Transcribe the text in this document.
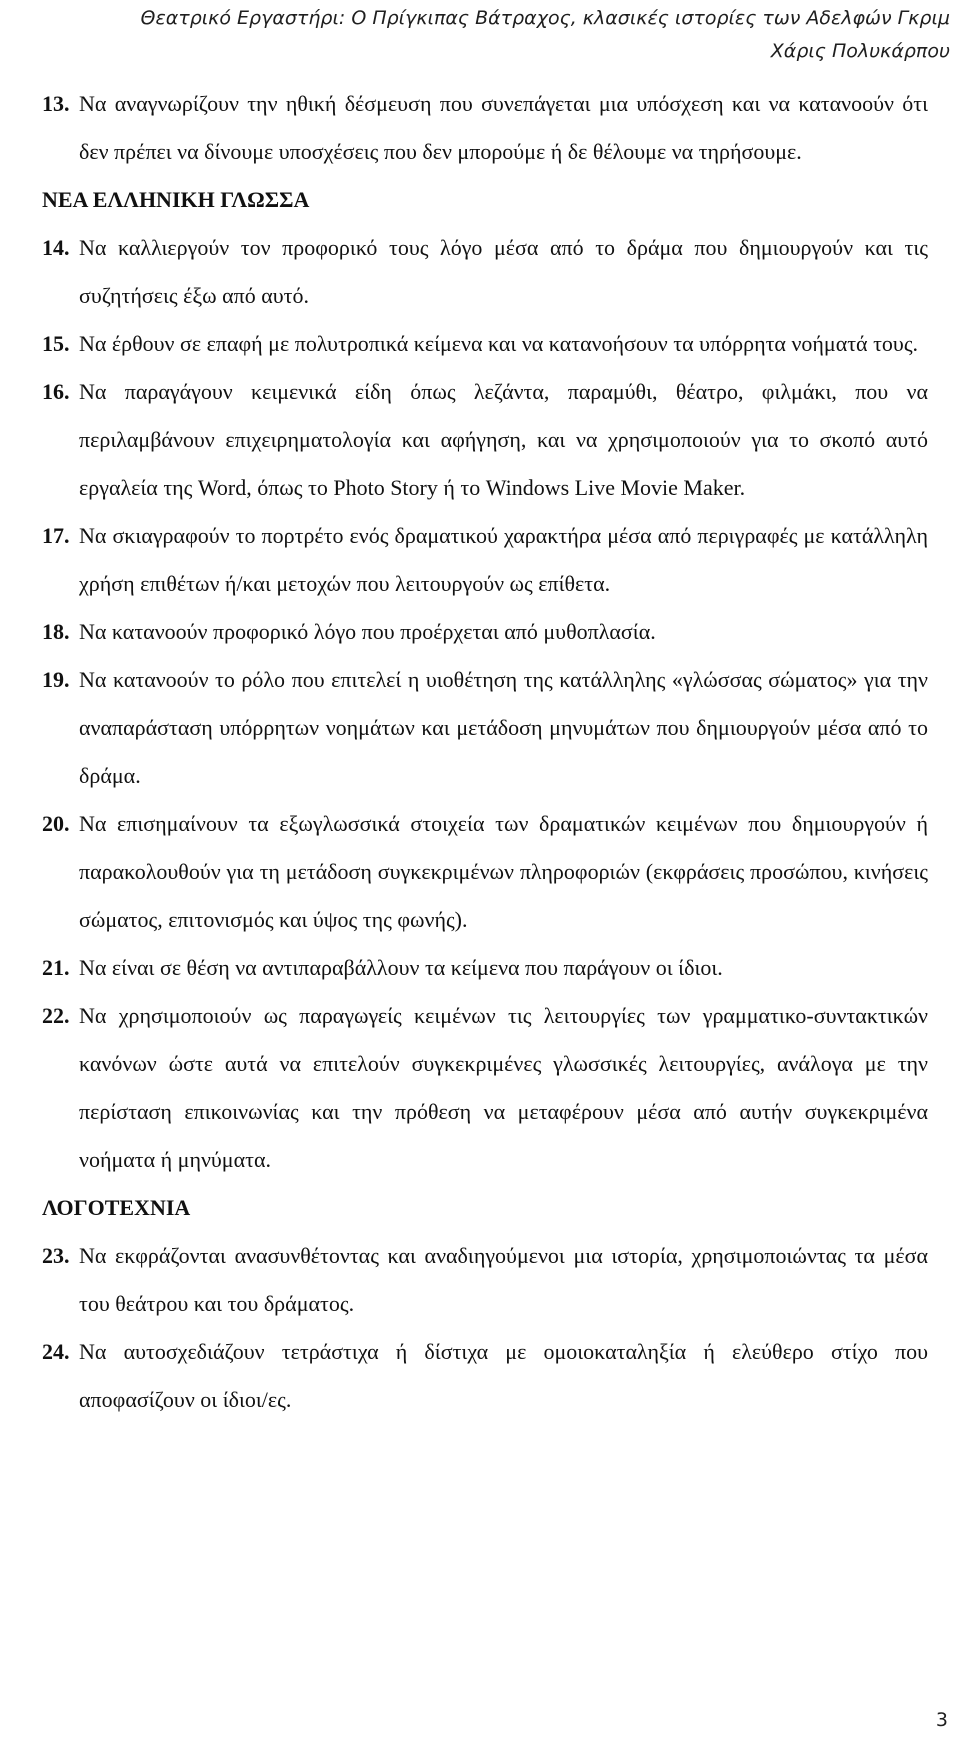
Θεατρικό Εργαστήρι: Ο Πρίγκιπας Βάτραχος, κλασικές ιστορίες των Αδελφών Γκριμ
Χάρις Πολυκάρπου
13. Να αναγνωρίζουν την ηθική δέσμευση που συνεπάγεται μια υπόσχεση και να κατανοούν ότι δεν πρέπει να δίνουμε υποσχέσεις που δεν μπορούμε ή δε θέλουμε να τηρήσουμε.
ΝΕΑ ΕΛΛΗΝΙΚΗ ΓΛΩΣΣΑ
14. Να καλλιεργούν τον προφορικό τους λόγο μέσα από το δράμα που δημιουργούν και τις συζητήσεις έξω από αυτό.
15. Να έρθουν σε επαφή με πολυτροπικά κείμενα και να κατανοήσουν τα υπόρρητα νοήματά τους.
16. Να παραγάγουν κειμενικά είδη όπως λεζάντα, παραμύθι, θέατρο, φιλμάκι, που να περιλαμβάνουν επιχειρηματολογία και αφήγηση, και να χρησιμοποιούν για το σκοπό αυτό εργαλεία της Word, όπως το Photo Story ή το Windows Live Movie Maker.
17. Να σκιαγραφούν το πορτρέτο ενός δραματικού χαρακτήρα μέσα από περιγραφές με κατάλληλη χρήση επιθέτων ή/και μετοχών που λειτουργούν ως επίθετα.
18. Να κατανοούν προφορικό λόγο που προέρχεται από μυθοπλασία.
19. Να κατανοούν το ρόλο που επιτελεί η υιοθέτηση της κατάλληλης «γλώσσας σώματος» για την αναπαράσταση υπόρρητων νοημάτων και μετάδοση μηνυμάτων που δημιουργούν μέσα από το δράμα.
20. Να επισημαίνουν τα εξωγλωσσικά στοιχεία των δραματικών κειμένων που δημιουργούν ή παρακολουθούν για τη μετάδοση συγκεκριμένων πληροφοριών (εκφράσεις προσώπου, κινήσεις σώματος, επιτονισμός και ύψος της φωνής).
21. Να είναι σε θέση να αντιπαραβάλλουν τα κείμενα που παράγουν οι ίδιοι.
22. Να χρησιμοποιούν ως παραγωγείς κειμένων τις λειτουργίες των γραμματικο-συντακτικών κανόνων ώστε αυτά να επιτελούν συγκεκριμένες γλωσσικές λειτουργίες, ανάλογα με την περίσταση επικοινωνίας και την πρόθεση να μεταφέρουν μέσα από αυτήν συγκεκριμένα νοήματα ή μηνύματα.
ΛΟΓΟΤΕΧΝΙΑ
23. Να εκφράζονται ανασυνθέτοντας και αναδιηγούμενοι μια ιστορία, χρησιμοποιώντας τα μέσα του θεάτρου και του δράματος.
24. Να αυτοσχεδιάζουν τετράστιχα ή δίστιχα με ομοιοκαταληξία ή ελεύθερο στίχο που αποφασίζουν οι ίδιοι/ες.
3
